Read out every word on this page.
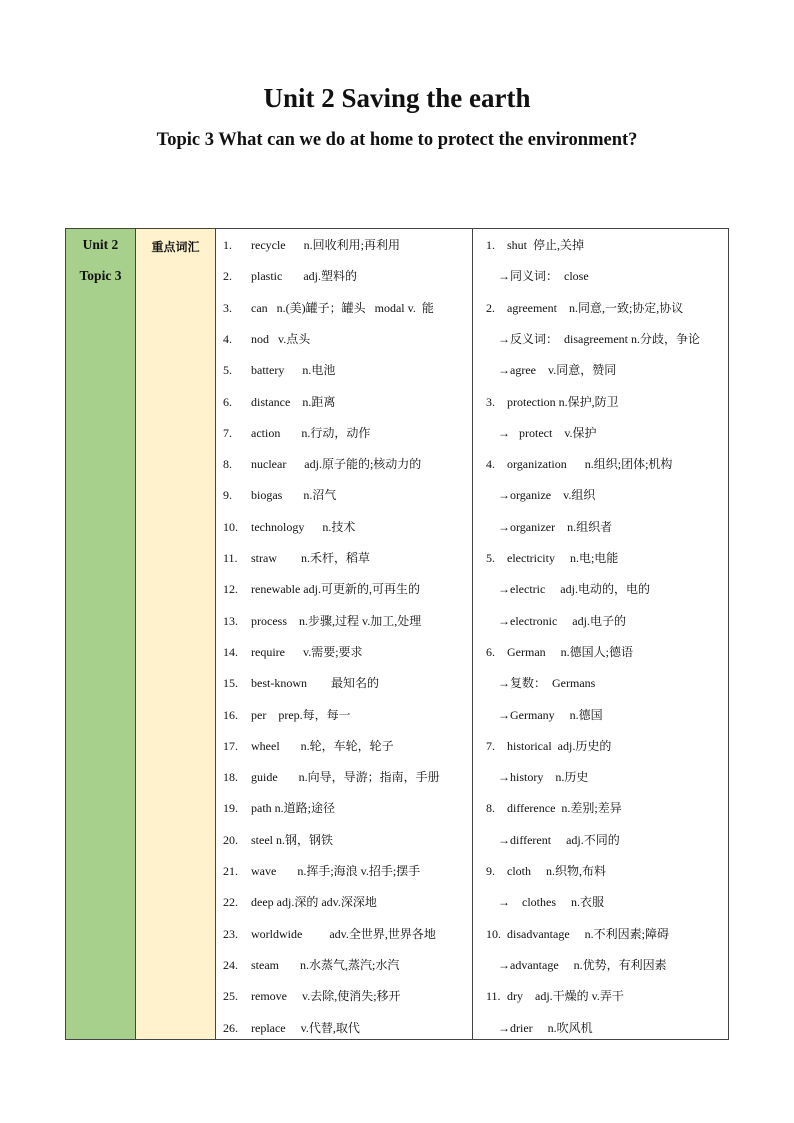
Unit 2 Saving the earth
Topic 3 What can we do at home to protect the environment?
Unit 2
Topic 3
重点词汇	1. recycle      n.回收利用;再利用
2. plastic       adj.塑料的
3. can   n.(美)罐子；罐头   modal v.  能
4. nod   v.点头
5. battery      n.电池
6. distance    n.距离
7. action       n.行动，动作
8. nuclear      adj.原子能的;核动力的
9. biogas       n.沼气
10. technology      n.技术
11. straw        n.禾杆，稻草
12. renewable adj.可更新的,可再生的
13. process    n.步骤,过程 v.加工,处理
14. require      v.需要;要求
15. best-known        最知名的
16. per    prep.每，每一
17. wheel       n.轮，车轮，轮子
18. guide       n.向导，导游；指南，手册
19. path n.道路;途径
20. steel n.钢，钢铁
21. wave       n.挥手;海浪 v.招手;摆手
22. deep adj.深的 adv.深深地
23. worldwide         adv.全世界,世界各地
24. steam       n.水蒸气,蒸汽;水汽
25. remove     v.去除,使消失;移开
26. replace     v.代替,取代
1. shut  停止,关掉
→同义词：  close
2. agreement    n.同意,一致;协定,协议
→反义词：  disagreement n.分歧，争论
→agree    v.同意，赞同
3. protection n.保护,防卫
→   protect    v.保护
4. organization      n.组织;团体;机构
→organize    v.组织
→organizer    n.组织者
5. electricity     n.电;电能
→electric     adj.电动的，电的
→electronic     adj.电子的
6. German     n.德国人;德语
→复数：  Germans
→Germany     n.德国
7. historical  adj.历史的
→history    n.历史
8. difference  n.差别;差异
→different     adj.不同的
9. cloth     n.织物,布料
→    clothes     n.衣服
10. disadvantage     n.不利因素;障碍
→advantage     n.优势，有利因素
11. dry    adj.干燥的 v.弄干
→drier     n.吹风机
